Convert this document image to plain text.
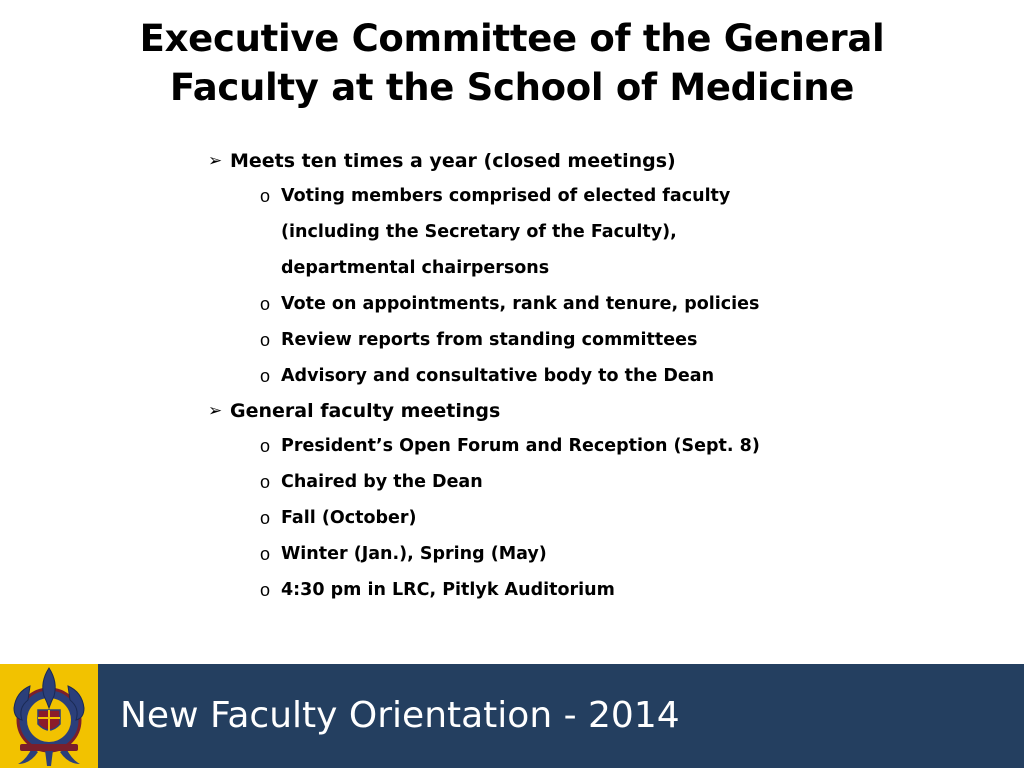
Executive Committee of the General
Faculty at the School of Medicine
➢ Meets ten times a year (closed meetings)
o Voting members comprised of elected faculty
(including the Secretary of the Faculty),
departmental chairpersons
o Vote on appointments, rank and tenure, policies
o Review reports from standing committees
o Advisory and consultative body to the Dean
➢ General faculty meetings
o President’s Open Forum and Reception (Sept. 8)
o Chaired by the Dean
o Fall (October)
o Winter (Jan.), Spring (May)
o 4:30 pm in LRC, Pitlyk Auditorium
New Faculty Orientation - 2014
